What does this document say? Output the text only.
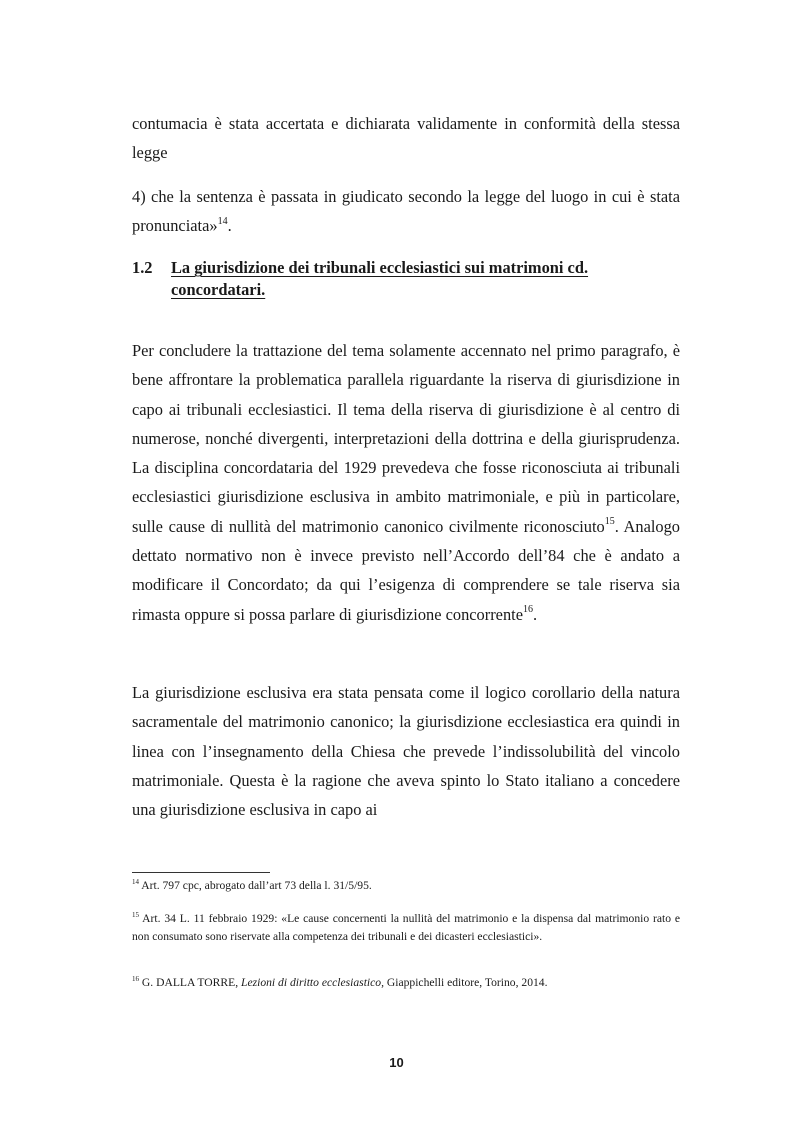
contumacia è stata accertata e dichiarata validamente in conformità della stessa legge

4) che la sentenza è passata in giudicato secondo la legge del luogo in cui è stata pronunciata»$^{14}$.

1.2 La giurisdizione dei tribunali ecclesiastici sui matrimoni cd. concordatari.

Per concludere la trattazione del tema solamente accennato nel primo paragrafo, è bene affrontare la problematica parallela riguardante la riserva di giurisdizione in capo ai tribunali ecclesiastici. Il tema della riserva di giurisdizione è al centro di numerose, nonché divergenti, interpretazioni della dottrina e della giurisprudenza. La disciplina concordataria del 1929 prevedeva che fosse riconosciuta ai tribunali ecclesiastici giurisdizione esclusiva in ambito matrimoniale, e più in particolare, sulle cause di nullità del matrimonio canonico civilmente riconosciuto$^{15}$. Analogo dettato normativo non è invece previsto nell’Accordo dell’84 che è andato a modificare il Concordato; da qui l’esigenza di comprendere se tale riserva sia rimasta oppure si possa parlare di giurisdizione concorrente$^{16}$.

La giurisdizione esclusiva era stata pensata come il logico corollario della natura sacramentale del matrimonio canonico; la giurisdizione ecclesiastica era quindi in linea con l’insegnamento della Chiesa che prevede l’indissolubilità del vincolo matrimoniale. Questa è la ragione che aveva spinto lo Stato italiano a concedere una giurisdizione esclusiva in capo ai

$^{14}$ Art. 797 cpc, abrogato dall’art 73 della l. 31/5/95.

$^{15}$ Art. 34 L. 11 febbraio 1929: «Le cause concernenti la nullità del matrimonio e la dispensa dal matrimonio rato e non consumato sono riservate alla competenza dei tribunali e dei dicasteri ecclesiastici».

$^{16}$ G. DALLA TORRE, Lezioni di diritto ecclesiastico, Giappichelli editore, Torino, 2014.

10
